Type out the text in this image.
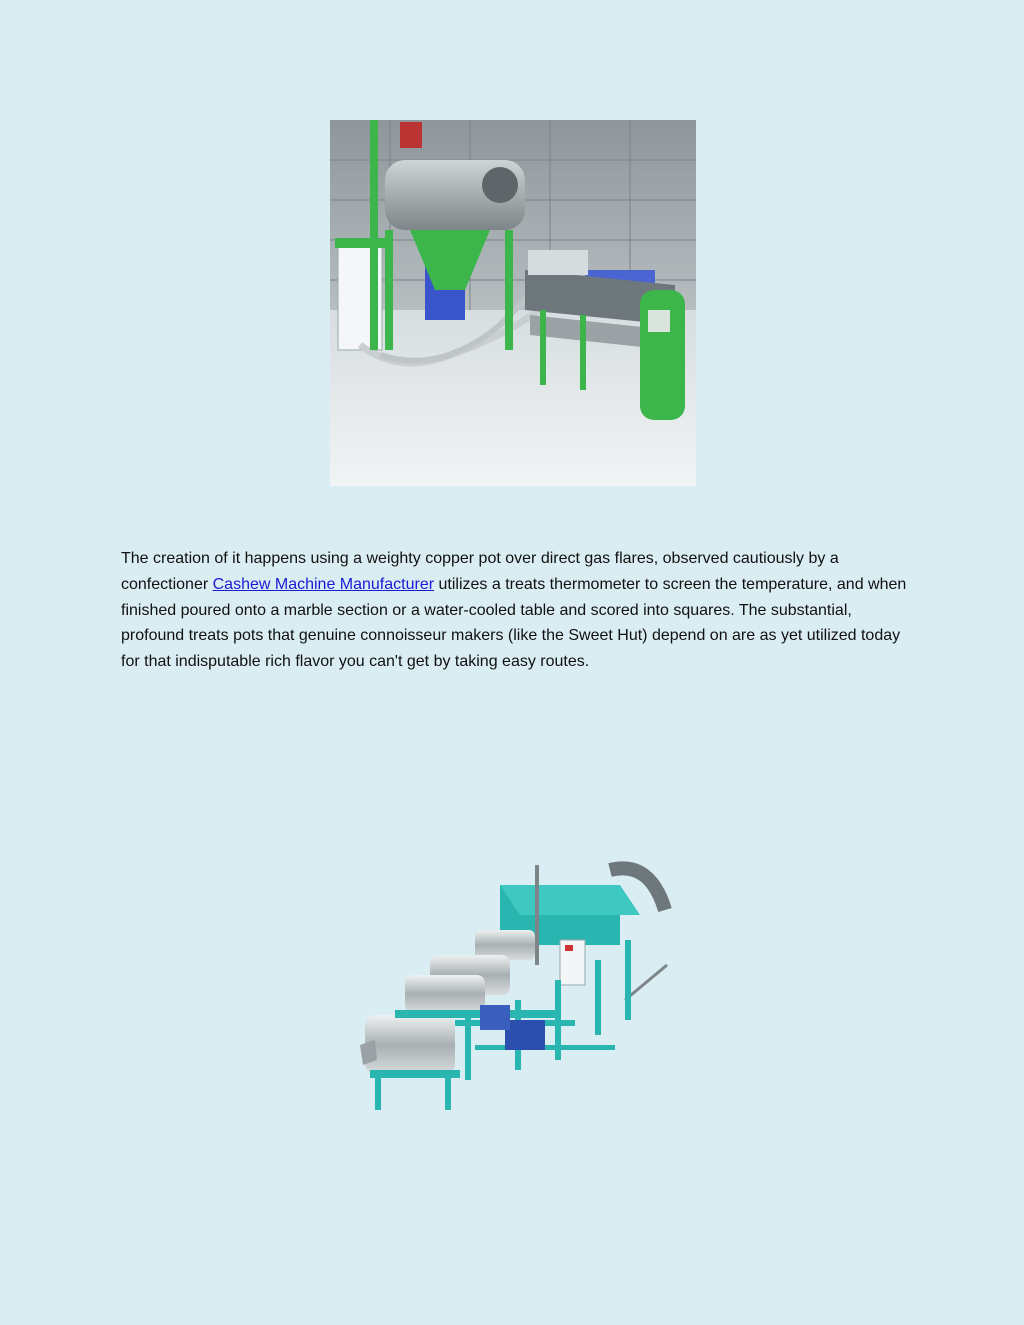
The creation of it happens using a weighty copper pot over direct gas flares, observed cautiously by a confectioner Cashew Machine Manufacturer utilizes a treats thermometer to screen the temperature, and when finished poured onto a marble section or a water-cooled table and scored into squares. The substantial, profound treats pots that genuine connoisseur makers (like the Sweet Hut) depend on are as yet utilized today for that indisputable rich flavor you can't get by taking easy routes.
